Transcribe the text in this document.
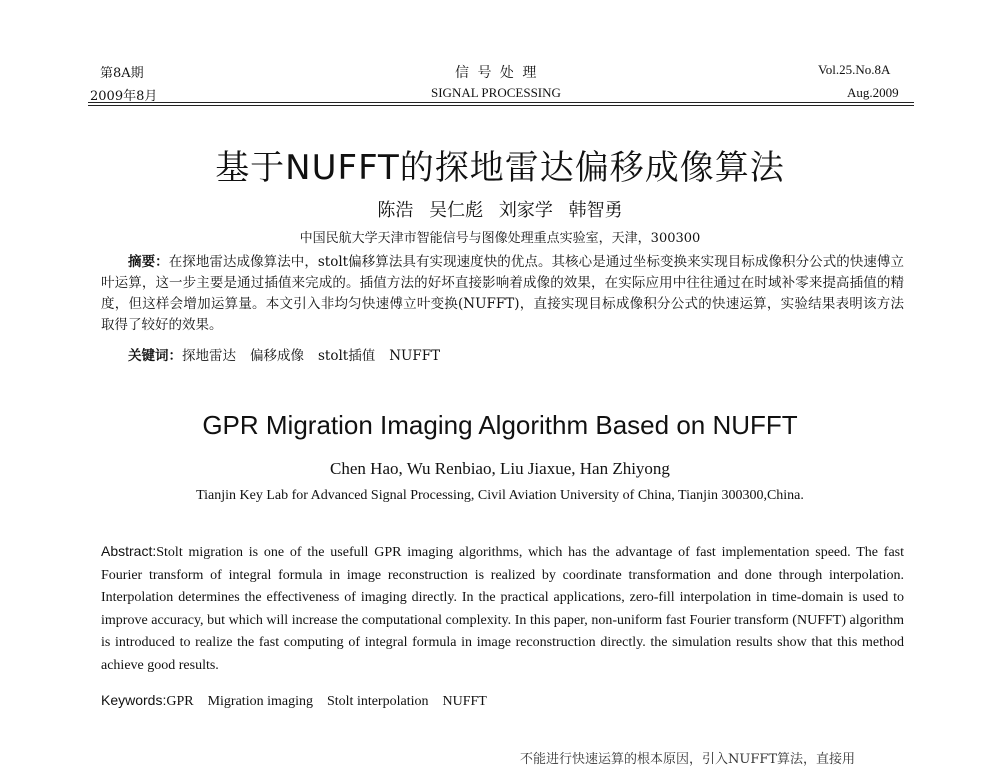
第8A期
2009年8月
信 号 处 理
SIGNAL PROCESSING
Vol.25.No.8A
Aug.2009
基于NUFFT的探地雷达偏移成像算法
陈浩 吴仁彪 刘家学 韩智勇
中国民航大学天津市智能信号与图像处理重点实验室，天津，300300
摘要：在探地雷达成像算法中，stolt偏移算法具有实现速度快的优点。其核心是通过坐标变换来实现目标成像积分公式的快速傅立叶运算，这一步主要是通过插值来完成的。插值方法的好坏直接影响着成像的效果，在实际应用中往往通过在时域补零来提高插值的精度，但这样会增加运算量。本文引入非均匀快速傅立叶变换(NUFFT)，直接实现目标成像积分公式的快速运算，实验结果表明该方法取得了较好的效果。
关键词：探地雷达 偏移成像 stolt插值 NUFFT
GPR Migration Imaging Algorithm Based on NUFFT
Chen Hao, Wu Renbiao, Liu Jiaxue, Han Zhiyong
Tianjin Key Lab for Advanced Signal Processing, Civil Aviation University of China, Tianjin 300300,China.
Abstract:Stolt migration is one of the usefull GPR imaging algorithms, which has the advantage of fast implementation speed. The fast Fourier transform of integral formula in image reconstruction is realized by coordinate transformation and done through interpolation. Interpolation determines the effectiveness of imaging directly. In the practical applications, zero-fill interpolation in time-domain is used to improve accuracy, but which will increase the computational complexity. In this paper, non-uniform fast Fourier transform (NUFFT) algorithm is introduced to realize the fast computing of integral formula in image reconstruction directly. the simulation results show that this method achieve good results.
Keywords:GPR Migration imaging Stolt interpolation NUFFT
不能进行快速运算的根本原因，引入NUFFT算法，直接用
